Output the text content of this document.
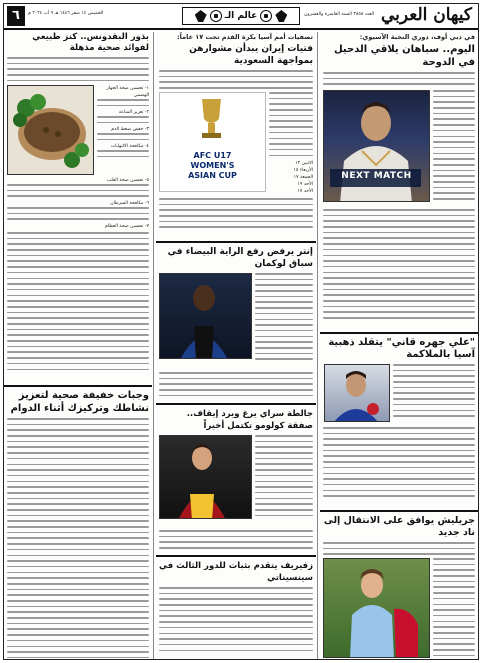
٦	الخميس ١٤ صفر ١٤٤٦ هـ ٩ أب ٢٠٢٤ م	عالم الـ	العدد ٣٨٥٨ السنة العاشرة والعشرون كيهان العربي
في دبي أوف، دوري النخبة الآسيوي:
اليوم.. سباهان يلاقي الدحيل في الدوحة
NEXT MATCH
"علي جهره قاني" يتقلد ذهبية آسيا بالملاكمة
جريليش يوافق على الانتقال إلى ناد جديد
تصفيات أمم آسيا بكرة القدم تحت ١٧ عاماً:
فتيات إيران يبدأن مشوارهن بمواجهة السعودية
الاثنين ١٣
الأربعاء ١٥
الجمعة ١٧
الأحد ١٩
الأحد ١٧
AFC U17
WOMEN'S
ASIAN CUP
إنتر يرفض رفع الراية البيضاء في سباق لوكمان
جالطة سراي يرغ ويرد إيقاف.. صفقة كولومو تكتمل أخيراً
زفيريف يتقدم بثبات للدور الثالث في سينسيناتي
بذور البقدونس.. كنز طبيعي لفوائد صحية مذهلة
١- تحسين صحة الجهاز الهضمي
٢- تعزيز المناعة
٣- خفض ضغط الدم
٤- مكافحة الالتهابات
٥- تحسين صحة القلب
٦- مكافحة السرطان
٧- تحسين صحة العظام
وجبات خفيفة صحية لتعزيز نشاطك وتركيزك أثناء الدوام
